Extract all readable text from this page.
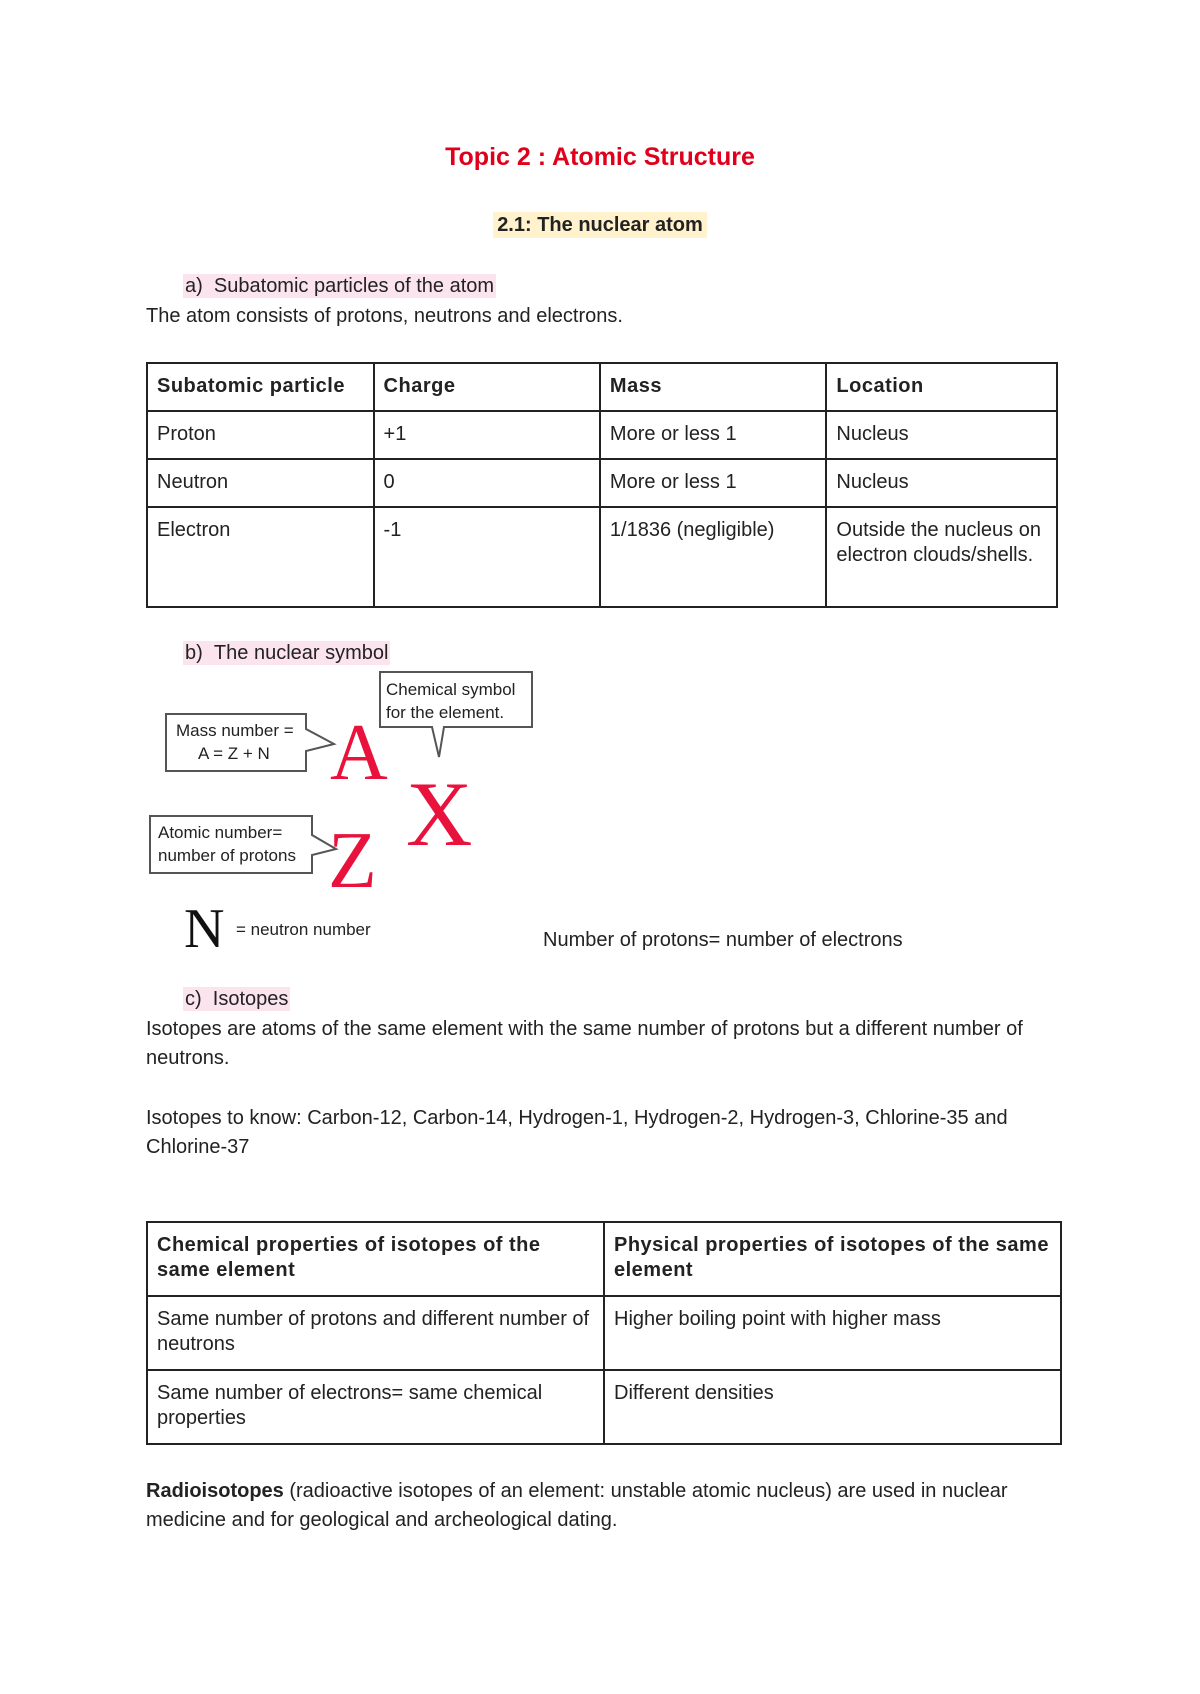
Topic 2 : Atomic Structure
2.1: The nuclear atom
a) Subatomic particles of the atom
The atom consists of protons, neutrons and electrons.
Subatomic particle	Charge	Mass	Location
Proton	+1	More or less 1	Nucleus
Neutron	0	More or less 1	Nucleus
Electron	-1	1/1836 (negligible)	Outside the nucleus on electron clouds/shells.
b) The nuclear symbol
Chemical symbol
for the element.
Mass number =
A = Z + N
Atomic number=
number of protons
A
X
Z
N = neutron number	Number of protons= number of electrons
c) Isotopes
Isotopes are atoms of the same element with the same number of protons but a different number of neutrons.
Isotopes to know: Carbon-12, Carbon-14, Hydrogen-1, Hydrogen-2, Hydrogen-3, Chlorine-35 and Chlorine-37
Chemical properties of isotopes of the same element	Physical properties of isotopes of the same element
Same number of protons and different number of neutrons	Higher boiling point with higher mass
Same number of electrons= same chemical properties	Different densities
Radioisotopes (radioactive isotopes of an element: unstable atomic nucleus) are used in nuclear medicine and for geological and archeological dating.
